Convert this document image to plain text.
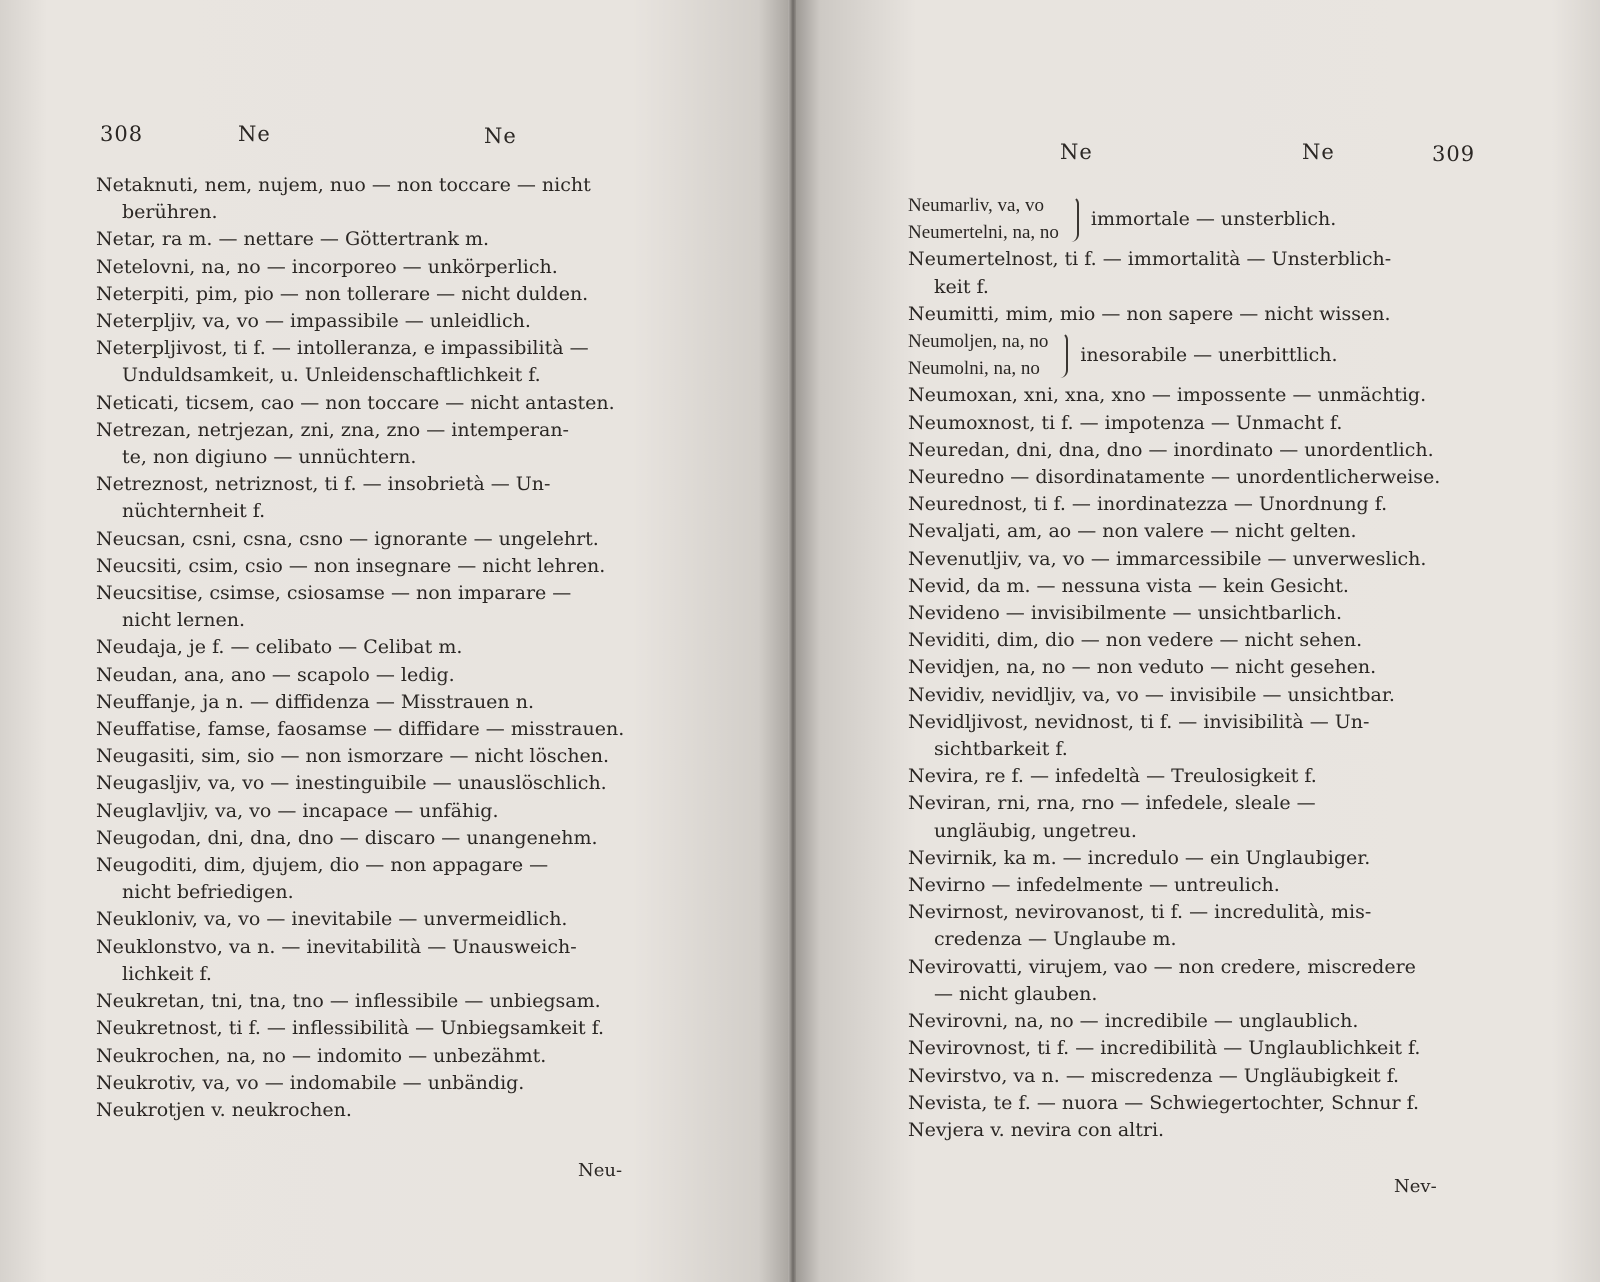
308	Ne	Ne
Netaknuti, nem, nujem, nuo — non toccare — nicht
berühren.
Netar, ra m. — nettare — Göttertrank m.
Netelovni, na, no — incorporeo — unkörperlich.
Neterpiti, pim, pio — non tollerare — nicht dulden.
Neterpljiv, va, vo — impassibile — unleidlich.
Neterpljivost, ti f. — intolleranza, e impassibilità —
Unduldsamkeit, u. Unleidenschaftlichkeit f.
Neticati, ticsem, cao — non toccare — nicht antasten.
Netrezan, netrjezan, zni, zna, zno — intemperan-
te, non digiuno — unnüchtern.
Netreznost, netriznost, ti f. — insobrietà — Un-
nüchternheit f.
Neucsan, csni, csna, csno — ignorante — ungelehrt.
Neucsiti, csim, csio — non insegnare — nicht lehren.
Neucsitise, csimse, csiosamse — non imparare —
nicht lernen.
Neudaja, je f. — celibato — Celibat m.
Neudan, ana, ano — scapolo — ledig.
Neuffanje, ja n. — diffidenza — Misstrauen n.
Neuffatise, famse, faosamse — diffidare — misstrauen.
Neugasiti, sim, sio — non ismorzare — nicht löschen.
Neugasljiv, va, vo — inestinguibile — unauslöschlich.
Neuglavljiv, va, vo — incapace — unfähig.
Neugodan, dni, dna, dno — discaro — unangenehm.
Neugoditi, dim, djujem, dio — non appagare —
nicht befriedigen.
Neukloniv, va, vo — inevitabile — unvermeidlich.
Neuklonstvo, va n. — inevitabilità — Unausweich-
lichkeit f.
Neukretan, tni, tna, tno — inflessibile — unbiegsam.
Neukretnost, ti f. — inflessibilità — Unbiegsamkeit f.
Neukrochen, na, no — indomito — unbezähmt.
Neukrotiv, va, vo — indomabile — unbändig.
Neukrotjen v. neukrochen.
Neu-
Ne	Ne	309
Neumarliv, va, vo
Neumertelni, na, no
immortale — unsterblich.
Neumertelnost, ti f. — immortalità — Unsterblich-
keit f.
Neumitti, mim, mio — non sapere — nicht wissen.
Neumoljen, na, no
Neumolni, na, no
inesorabile — unerbittlich.
Neumoxan, xni, xna, xno — impossente — unmächtig.
Neumoxnost, ti f. — impotenza — Unmacht f.
Neuredan, dni, dna, dno — inordinato — unordentlich.
Neuredno — disordinatamente — unordentlicherweise.
Neurednost, ti f. — inordinatezza — Unordnung f.
Nevaljati, am, ao — non valere — nicht gelten.
Nevenutljiv, va, vo — immarcessibile — unverweslich.
Nevid, da m. — nessuna vista — kein Gesicht.
Nevideno — invisibilmente — unsichtbarlich.
Neviditi, dim, dio — non vedere — nicht sehen.
Nevidjen, na, no — non veduto — nicht gesehen.
Nevidiv, nevidljiv, va, vo — invisibile — unsichtbar.
Nevidljivost, nevidnost, ti f. — invisibilità — Un-
sichtbarkeit f.
Nevira, re f. — infedeltà — Treulosigkeit f.
Neviran, rni, rna, rno — infedele, sleale —
ungläubig, ungetreu.
Nevirnik, ka m. — incredulo — ein Unglaubiger.
Nevirno — infedelmente — untreulich.
Nevirnost, nevirovanost, ti f. — incredulità, mis-
credenza — Unglaube m.
Nevirovatti, virujem, vao — non credere, miscredere
— nicht glauben.
Nevirovni, na, no — incredibile — unglaublich.
Nevirovnost, ti f. — incredibilità — Unglaublichkeit f.
Nevirstvo, va n. — miscredenza — Ungläubigkeit f.
Nevista, te f. — nuora — Schwiegertochter, Schnur f.
Nevjera v. nevira con altri.
Nev-
